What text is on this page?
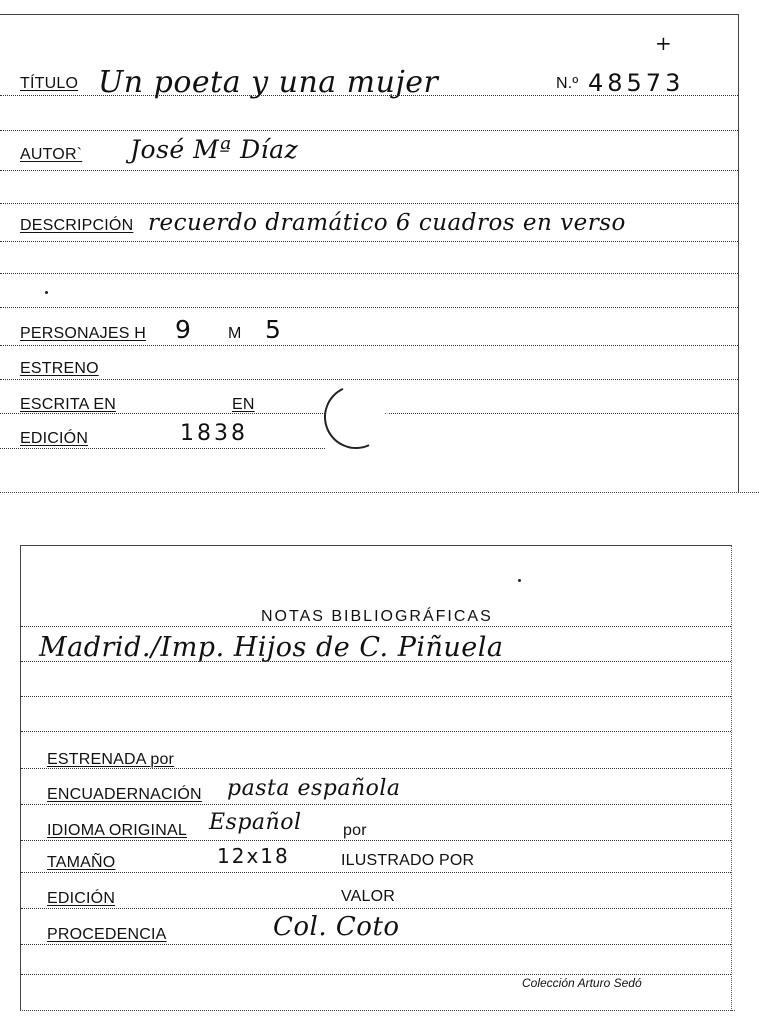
+
TÍTULO Un poeta y una mujer	N.º 48573
AUTOR` José Mª Díaz
DESCRIPCIÓN recuerdo dramático 6 cuadros en verso
PERSONAJES H 9 M 5
ESTRENO
ESCRITA EN	EN
EDICIÓN	1838
NOTAS BIBLIOGRÁFICAS
Madrid./Imp. Hijos de C. Piñuela
ESTRENADA por
ENCUADERNACIÓN pasta española
IDIOMA ORIGINAL Español	por
TAMAÑO	12x18	ILUSTRADO POR
EDICIÓN	VALOR
PROCEDENCIA	Col. Coto
Colección Arturo Sedó
